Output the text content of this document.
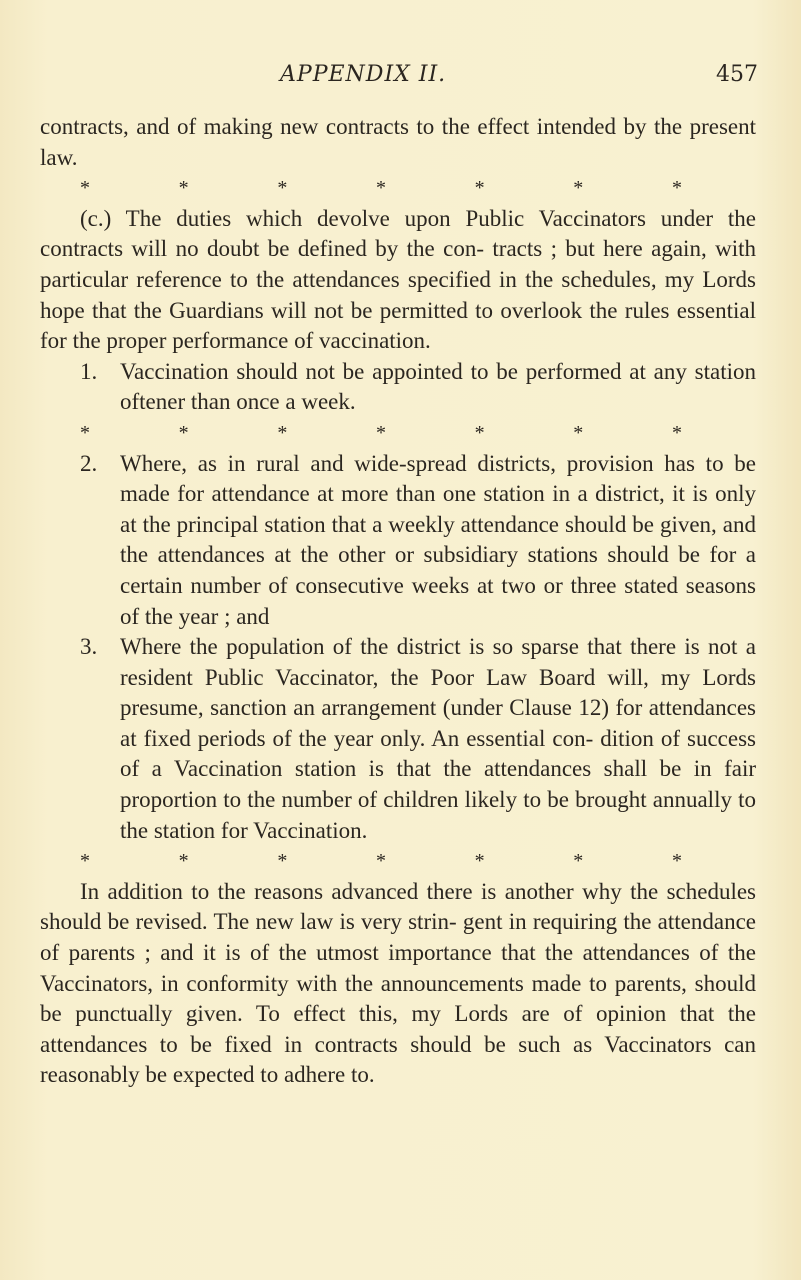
APPENDIX II.	457

contracts, and of making new contracts to the effect intended by the present law.

*	*	*	*	*	*	*

(c.) The duties which devolve upon Public Vaccinators under the contracts will no doubt be defined by the con- tracts ; but here again, with particular reference to the attendances specified in the schedules, my Lords hope that the Guardians will not be permitted to overlook the rules essential for the proper performance of vaccination.

1. Vaccination should not be appointed to be performed at any station oftener than once a week.
*	*	*	*	*	*	*
2. Where, as in rural and wide-spread districts, provision has to be made for attendance at more than one station in a district, it is only at the principal station that a weekly attendance should be given, and the attendances at the other or subsidiary stations should be for a certain number of consecutive weeks at two or three stated seasons of the year ; and
3. Where the population of the district is so sparse that there is not a resident Public Vaccinator, the Poor Law Board will, my Lords presume, sanction an arrangement (under Clause 12) for attendances at fixed periods of the year only. An essential con- dition of success of a Vaccination station is that the attendances shall be in fair proportion to the number of children likely to be brought annually to the station for Vaccination.
*	*	*	*	*	*	*

In addition to the reasons advanced there is another why the schedules should be revised. The new law is very strin- gent in requiring the attendance of parents ; and it is of the utmost importance that the attendances of the Vaccinators, in conformity with the announcements made to parents, should be punctually given. To effect this, my Lords are of opinion that the attendances to be fixed in contracts should be such as Vaccinators can reasonably be expected to adhere to.
